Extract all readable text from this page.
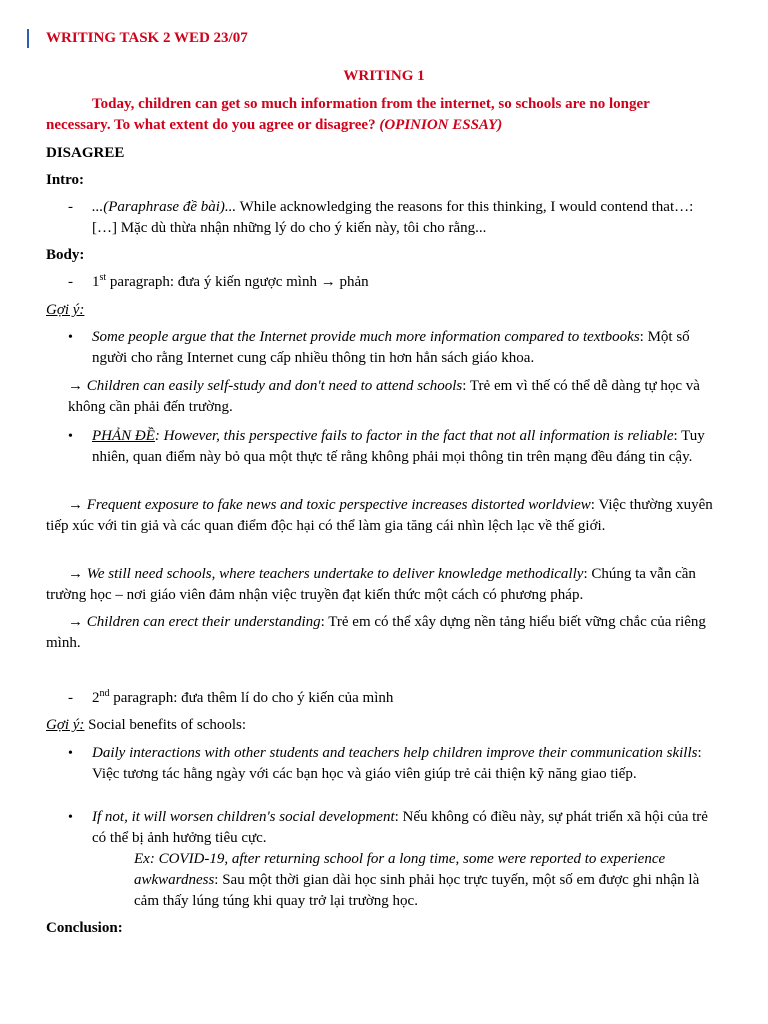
WRITING TASK 2 WED 23/07
WRITING 1
Today, children can get so much information from the internet, so schools are no longer necessary. To what extent do you agree or disagree? (OPINION ESSAY)
DISAGREE
Intro:
- ...(Paraphrase đề bài)... While acknowledging the reasons for this thinking, I would contend that…: […] Mặc dù thừa nhận những lý do cho ý kiến này, tôi cho rằng...
Body:
- 1st paragraph: đưa ý kiến ngược mình → phản
Gợi ý:
• Some people argue that the Internet provide much more information compared to textbooks: Một số người cho rằng Internet cung cấp nhiều thông tin hơn hẳn sách giáo khoa.
→ Children can easily self-study and don't need to attend schools: Trẻ em vì thế có thể dễ dàng tự học và không cần phải đến trường.
• PHẢN ĐỀ: However, this perspective fails to factor in the fact that not all information is reliable: Tuy nhiên, quan điểm này bỏ qua một thực tế rằng không phải mọi thông tin trên mạng đều đáng tin cậy.
→ Frequent exposure to fake news and toxic perspective increases distorted worldview: Việc thường xuyên tiếp xúc với tin giả và các quan điểm độc hại có thể làm gia tăng cái nhìn lệch lạc về thế giới.
→ We still need schools, where teachers undertake to deliver knowledge methodically: Chúng ta vẫn cần trường học – nơi giáo viên đảm nhận việc truyền đạt kiến thức một cách có phương pháp.
→ Children can erect their understanding: Trẻ em có thể xây dựng nền tảng hiểu biết vững chắc của riêng mình.
- 2nd paragraph: đưa thêm lí do cho ý kiến của mình
Gợi ý: Social benefits of schools:
• Daily interactions with other students and teachers help children improve their communication skills: Việc tương tác hằng ngày với các bạn học và giáo viên giúp trẻ cải thiện kỹ năng giao tiếp.
• If not, it will worsen children's social development: Nếu không có điều này, sự phát triển xã hội của trẻ có thể bị ảnh hưởng tiêu cực.
Ex: COVID-19, after returning school for a long time, some were reported to experience awkwardness: Sau một thời gian dài học sinh phải học trực tuyến, một số em được ghi nhận là cảm thấy lúng túng khi quay trở lại trường học.
Conclusion:
